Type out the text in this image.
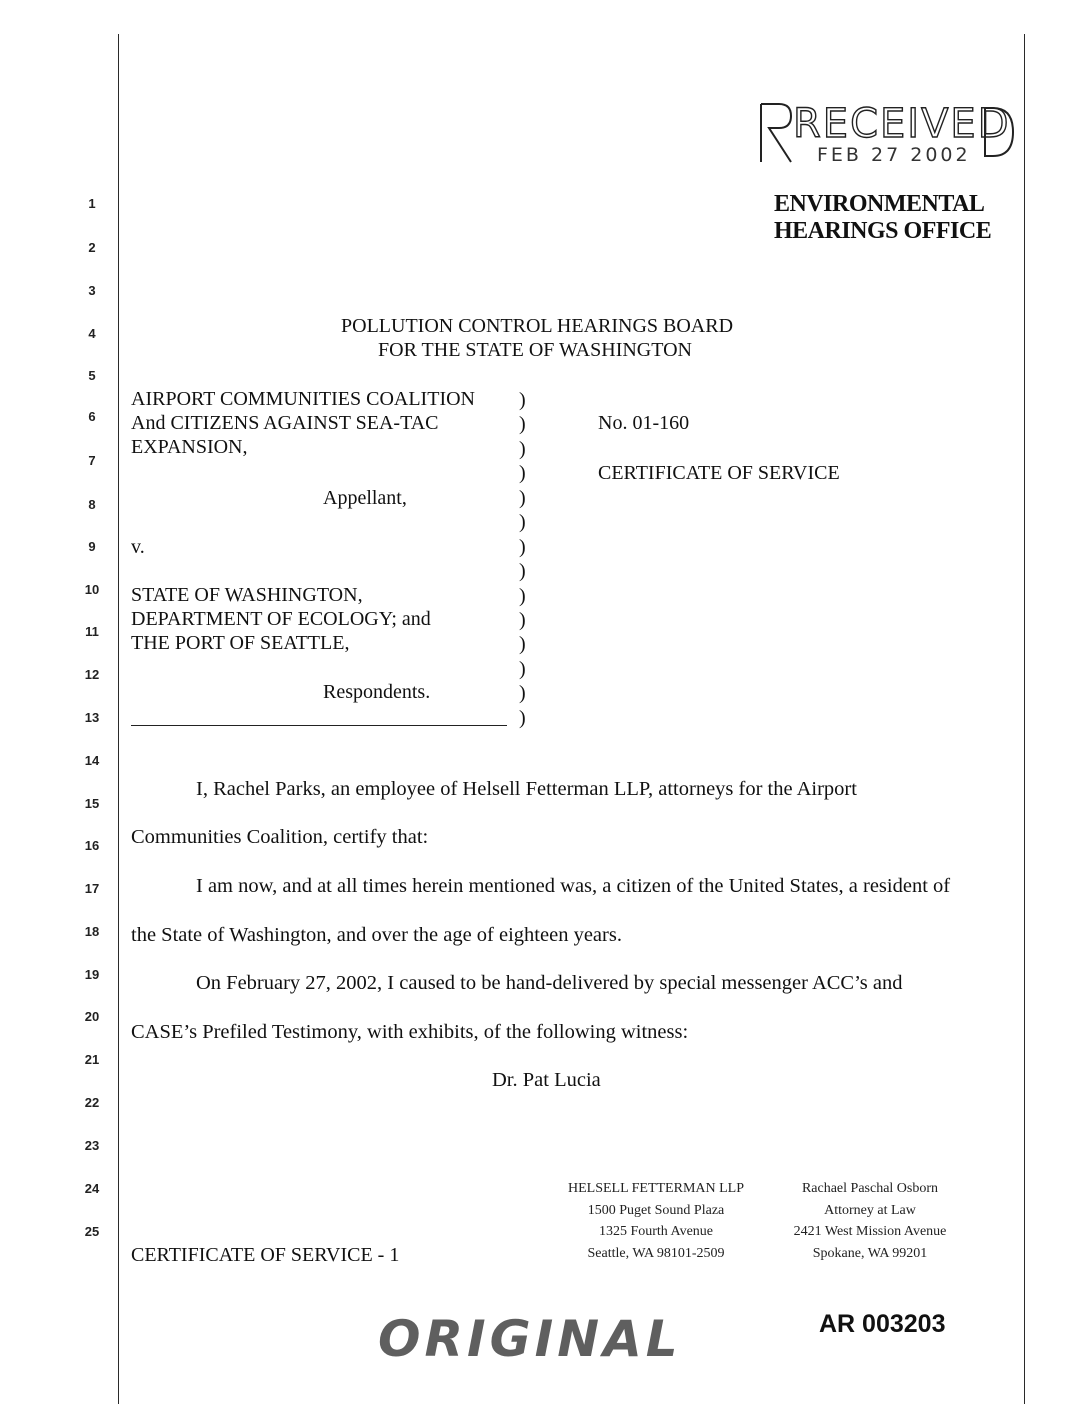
1
2
3
4
5
6
7
8
9
10
11
12
13
14
15
16
17
18
19
20
21
22
23
24
25
RECEIVED
FEB 27 2002
ENVIRONMENTAL
HEARINGS OFFICE
POLLUTION CONTROL HEARINGS BOARD
FOR THE STATE OF WASHINGTON
AIRPORT COMMUNITIES COALITION
And CITIZENS AGAINST SEA-TAC
EXPANSION,
Appellant,
v.
STATE OF WASHINGTON,
DEPARTMENT OF ECOLOGY; and
THE PORT OF SEATTLE,
Respondents.
)
)
)
)
)
)
)
)
)
)
)
)
)
)
No. 01-160
CERTIFICATE OF SERVICE
I, Rachel Parks, an employee of Helsell Fetterman LLP, attorneys for the Airport
Communities Coalition, certify that:
I am now, and at all times herein mentioned was, a citizen of the United States, a resident of
the State of Washington, and over the age of eighteen years.
On February 27, 2002, I caused to be hand-delivered by special messenger ACC’s and
CASE’s Prefiled Testimony, with exhibits, of the following witness:
Dr. Pat Lucia
CERTIFICATE OF SERVICE - 1
HELSELL FETTERMAN LLP
1500 Puget Sound Plaza
1325 Fourth Avenue
Seattle, WA 98101-2509
Rachael Paschal Osborn
Attorney at Law
2421 West Mission Avenue
Spokane, WA 99201
ORIGINAL	AR 003203
